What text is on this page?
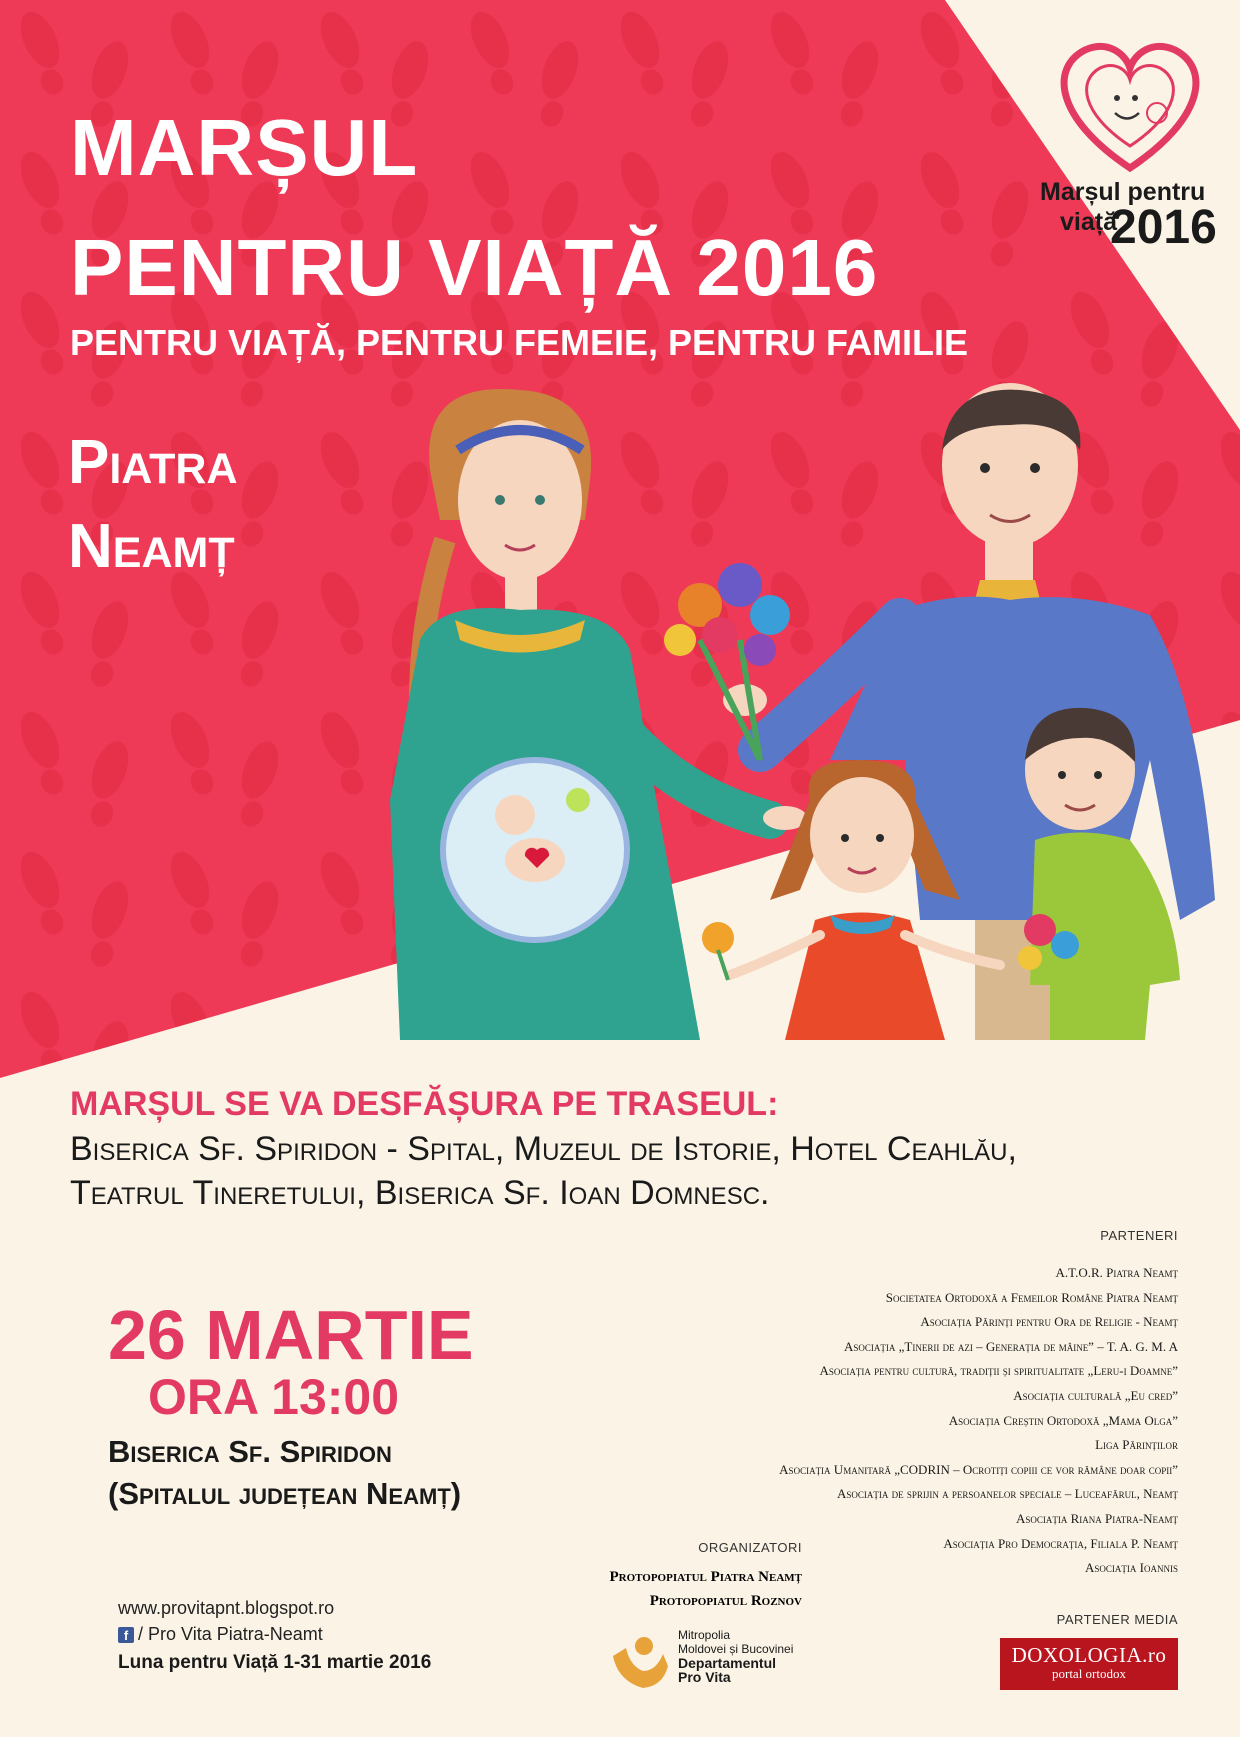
Marșul pentru
viață
2016
MARȘUL
PENTRU VIAȚĂ 2016
PENTRU VIAȚĂ, PENTRU FEMEIE, PENTRU FAMILIE
Piatra
Neamț
MARȘUL SE VA DESFĂȘURA PE TRASEUL:
Biserica Sf. Spiridon - Spital, Muzeul de Istorie, Hotel Ceahlău,
Teatrul Tineretului, Biserica Sf. Ioan Domnesc.
26 MARTIE
ORA 13:00
Biserica Sf. Spiridon
(Spitalul județean Neamț)
PARTENERI
A.T.O.R. Piatra Neamț
Societatea Ortodoxă a Femeilor Române Piatra Neamț
Asociația Părinți pentru Ora de Religie - Neamț
Asociația „Tinerii de azi – Generația de mâine” – T. A. G. M. A
Asociația pentru cultură, tradiții și spiritualitate „Leru-i Doamne”
Asociația culturală „Eu cred”
Asociația Creștin Ortodoxă „Mama Olga”
Liga Părinților
Asociația Umanitară „CODRIN – Ocrotiți copiii ce vor rămâne doar copii”
Asociația de sprijin a persoanelor speciale – Luceafărul, Neamț
Asociația Riana Piatra-Neamț
Asociația Pro Democrația, Filiala P. Neamț
Asociația Ioannis
ORGANIZATORI
Protopopiatul Piatra Neamț
Protopopiatul Roznov
Mitropolia
Moldovei și Bucovinei
Departamentul
Pro Vita
PARTENER MEDIA
DOXOLOGIA.ro
portal ortodox
www.provitapnt.blogspot.ro
f / Pro Vita Piatra-Neamt
Luna pentru Viață 1-31 martie 2016
